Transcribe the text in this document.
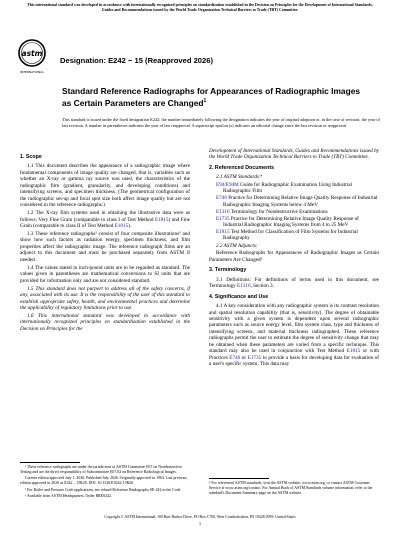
This international standard was developed in accordance with internationally recognized principles on standardization established in the Decision on Principles for the Development of International Standards, Guides and Recommendations issued by the World Trade Organization Technical Barriers to Trade (TBT) Committee.
astm
INTERNATIONAL
Designation: E242 − 15 (Reapproved 2026)
Standard Reference Radiographs for Appearances of Radiographic Images as Certain Parameters are Changed$^1$
This standard is issued under the fixed designation E242; the number immediately following the designation indicates the year of original adoption or, in the case of revision, the year of last revision. A number in parentheses indicates the year of last reapproval. A superscript epsilon (ε) indicates an editorial change since the last revision or reapproval.
1. Scope

1.1 This document describes the appearance of a radiographic image where fundamental components of image quality are changed, that is, variables such as whether an X-ray or gamma ray source was used, the characteristics of the radiographic film (gradient, granularity, and developing conditions) and intensifying screens, and specimen thickness. (The geometrical configuration of the radiographic set-up and focal spot size both affect image quality but are not considered in the reference radiographs.)

1.2 The X-ray film systems used in obtaining the illustrative data were as follows: Very Fine Grain (comparable to class I of Test Method E1815) and Fine Grain (comparable to class II of Test Method E1815).

1.3 These reference radiographs² consist of four composite illustrations³ and show how such factors as radiation energy, specimen thickness, and film properties affect the radiographic image. The reference radiograph films are an adjunct to this document and must be purchased separately from ASTM if needed.

1.4 The values stated in inch-pound units are to be regarded as standard. The values given in parentheses are mathematical conversions to SI units that are provided for information only and are not considered standard.

1.5 This standard does not purport to address all of the safety concerns, if any, associated with its use. It is the responsibility of the user of this standard to establish appropriate safety, health, and environmental practices and determine the applicability of regulatory limitations prior to use.

1.6 This international standard was developed in accordance with internationally recognized principles on standardization established in the Decision on Principles for the

Development of International Standards, Guides and Recommendations issued by the World Trade Organization Technical Barriers to Trade (TBT) Committee.

2. Referenced Documents
2.1 ASTM Standards:⁴
E94/E94M Guide for Radiographic Examination Using Industrial Radiographic Film
E746 Practice for Determining Relative Image Quality Response of Industrial Radiographic Imaging Systems below 4 MeV
E1316 Terminology for Nondestructive Examinations
E1735 Practice for Determining Relative Image Quality Response of Industrial Radiographic Imaging Systems from 4 to 25 MeV
E1815 Test Method for Classification of Film Systems for Industrial Radiography
2.2 ASTM Adjuncts:

Reference Radiographs for Appearances of Radiographic Images as Certain Parameters Are Changed³

3. Terminology

3.1 Definitions: For definitions of terms used in this document, see Terminology E1316, Section 3.

4. Significance and Use

4.1 A key consideration with any radiographic system is its contrast resolution and spatial resolution capability (that is, sensitivity). The degree of obtainable sensitivity with a given system is dependent upon several radiographic parameters such as source energy level, film system class, type and thickness of intensifying screens, and material thickness radiographed. These reference radiographs permit the user to estimate the degree of sensitivity change that may be obtained when these parameters are varied from a specific technique. This standard may also be used in conjunction with Test Method E1815 or with Practices E746 or E1735 to provide a basis for developing data for evaluation of a user's specific system. This data may

¹ These reference radiographs are under the jurisdiction of ASTM Committee E07 on Nondestructive Testing and are the direct responsibility of Subcommittee E07.02 on Reference Radiological Images.

Current edition approved July 1, 2026. Published July 2026. Originally approved in 1964. Last previous edition approved in 2020 as E242 – 15R20. DOI: 10.1520/E0242-15R26.

² For Boiler and Pressure Code applications, see related Reference Radiographs SE-242 in the Code.

³ Available from ASTM Headquarters. Order RRE0242.

⁴ For referenced ASTM standards, visit the ASTM website, www.astm.org, or contact ASTM Customer Service at www.astm.org/contact. For Annual Book of ASTM Standards volume information, refer to the standard's Document Summary page on the ASTM website.
Copyright © ASTM International, 100 Barr Harbor Drive, PO Box C700, West Conshohocken, PA 19428-2959. United States
1
